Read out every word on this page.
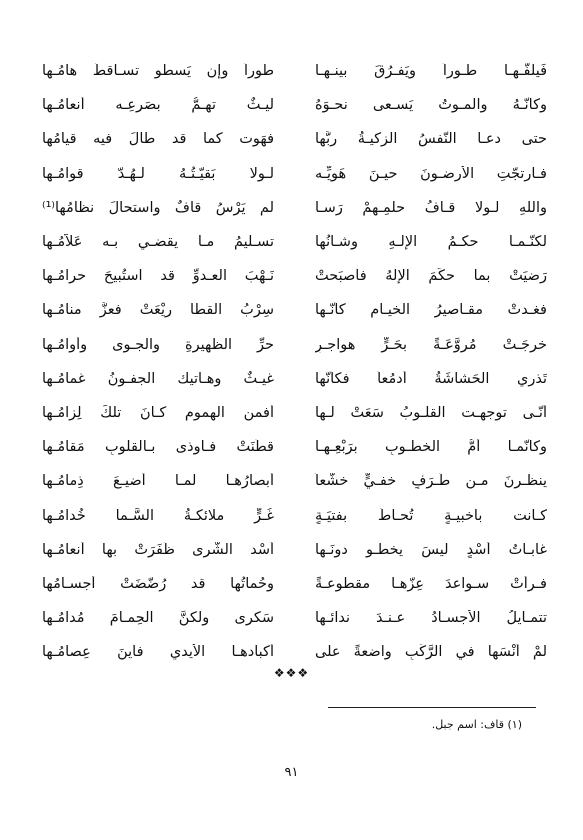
فَيلفُّـهـا طـوراً ويَفـرُقَ بينـهـا
طوراً وإن يَسطو تسـاقطَ هامُـها
وكأنّـهُ والمـوتُ يَسـعى نحـوَهُ
ليـثٌ تهـمُّ بصَرعِـه أنعامُـها
حتى دعـا النّفسُ الزكيـةُ ربَّها
فهَوت كما قد طالَ فيه قيامُها
فـارتجّتِ الأرضـونَ حيـنَ هَويِّـه
لـولا بَقيّـتُـهُ لـهُـدّ قوامُـها
واللهِ لـولا قـافُ حلمِـهِمْ رَسـا
لم يَرْسُ قافٌ واستحالَ نظامُها⁽¹⁾
لكنّـمـا حكـمُ الإلـهِ وشـأنُها
تسـليمُ مـا يقضـي بـه عَلاّمُـها
رَضيَتْ بما حكَمَ الإلهُ فأصبَحتْ
نَـهْبَ العـدوِّ قد استُبيحَ حرامُـها
فغـدتْ مقـاصيرُ الخيـامِ كأنّـها
سِرْبُ القطا ريْعَتْ فعزَّ منامُـها
خرجَـتْ مُروَّعَـةً بحَـرٍّ هواجـرٍ
حرِّ الظهيرةِ والجـوى وأوامُـها
تَذري الحَشاشَةُ أدمُعاً فكأنّها
غيـثٌ وهـاتيك الجفـونُ غمامُـها
أنّـى توجهـت القلـوبُ سَعَتْ لـها
أفمن الهموم كـانَ تلكَ لِزامُـها
وكأنّمـا أمُّ الخطـوبِ برَبْعِـهـا
قطَنَتْ فـاوذى بـالقلوبِ مَقامُـها
ينظـرنَ مـن طَـرَفٍ خفـيٍّ خشّعاً
أبصارُهـا لمـا أُضيـعَ ذِمامُـها
كـانت بأخبيـةٍ تُحـاطُ بفتيَـةٍ
غُـرٍّ ملائكـةُ السَّـما خُدامُـها
غابـاتُ أُسْدٍ ليسَ يخطـو دونَـها
أُسْد الشَّرى ظَفَرَتْ بها أنعامُـها
فـرأتْ سـواعدَ عِزّهـا مقطوعـةً
وحُماتُها قد رُضّضَتْ أجسـامُها
تتمـايلُ الأجسـادُ عـنـدَ ندائـها
سَكرى ولكنَّ الحِمـامَ مُدامُـها
لمْ أنْسَها في الرَّكْبِ واضعةً على
أكبادهـا الأيدي فأينَ عِصامُـها
❖❖❖
(١) قاف: اسم جبل.
٩١
